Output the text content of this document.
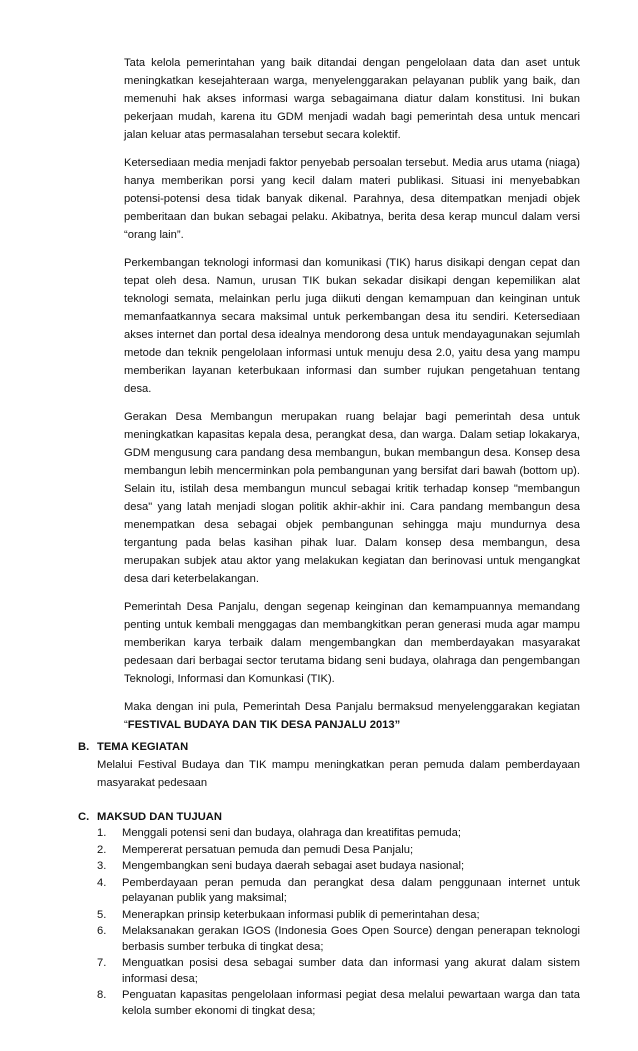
Tata kelola pemerintahan yang baik ditandai dengan pengelolaan data dan aset untuk meningkatkan kesejahteraan warga, menyelenggarakan pelayanan publik yang baik, dan memenuhi hak akses informasi warga sebagaimana diatur dalam konstitusi. Ini bukan pekerjaan mudah, karena itu GDM menjadi wadah bagi pemerintah desa untuk mencari jalan keluar atas permasalahan tersebut secara kolektif.

Ketersediaan media menjadi faktor penyebab persoalan tersebut. Media arus utama (niaga) hanya memberikan porsi yang kecil dalam materi publikasi. Situasi ini menyebabkan potensi-potensi desa tidak banyak dikenal. Parahnya, desa ditempatkan menjadi objek pemberitaan dan bukan sebagai pelaku. Akibatnya, berita desa kerap muncul dalam versi “orang lain”.

Perkembangan teknologi informasi dan komunikasi (TIK) harus disikapi dengan cepat dan tepat oleh desa. Namun, urusan TIK bukan sekadar disikapi dengan kepemilikan alat teknologi semata, melainkan perlu juga diikuti dengan kemampuan dan keinginan untuk memanfaatkannya secara maksimal untuk perkembangan desa itu sendiri. Ketersediaan akses internet dan portal desa idealnya mendorong desa untuk mendayagunakan sejumlah metode dan teknik pengelolaan informasi untuk menuju desa 2.0, yaitu desa yang mampu memberikan layanan keterbukaan informasi dan sumber rujukan pengetahuan tentang desa.

Gerakan Desa Membangun merupakan ruang belajar bagi pemerintah desa untuk meningkatkan kapasitas kepala desa, perangkat desa, dan warga. Dalam setiap lokakarya, GDM mengusung cara pandang desa membangun, bukan membangun desa. Konsep desa membangun lebih mencerminkan pola pembangunan yang bersifat dari bawah (bottom up). Selain itu, istilah desa membangun muncul sebagai kritik terhadap konsep "membangun desa" yang latah menjadi slogan politik akhir-akhir ini. Cara pandang membangun desa menempatkan desa sebagai objek pembangunan sehingga maju mundurnya desa tergantung pada belas kasihan pihak luar. Dalam konsep desa membangun, desa merupakan subjek atau aktor yang melakukan kegiatan dan berinovasi untuk mengangkat desa dari keterbelakangan.

Pemerintah Desa Panjalu, dengan segenap keinginan dan kemampuannya memandang penting untuk kembali menggagas dan membangkitkan peran generasi muda agar mampu memberikan karya terbaik dalam mengembangkan dan memberdayakan masyarakat pedesaan dari berbagai sector terutama bidang seni budaya, olahraga dan pengembangan Teknologi, Informasi dan Komunkasi (TIK).

Maka dengan ini pula, Pemerintah Desa Panjalu bermaksud menyelenggarakan kegiatan “FESTIVAL BUDAYA DAN TIK DESA PANJALU 2013”

B. TEMA KEGIATAN
Melalui Festival Budaya dan TIK mampu meningkatkan peran pemuda dalam pemberdayaan masyarakat pedesaan
C. MAKSUD DAN TUJUAN
1.	Menggali potensi seni dan budaya, olahraga dan kreatifitas pemuda;
2.	Mempererat persatuan pemuda dan pemudi Desa Panjalu;
3.	Mengembangkan seni budaya daerah sebagai aset budaya nasional;
4.	Pemberdayaan peran pemuda dan perangkat desa dalam penggunaan internet untuk pelayanan publik yang maksimal;
5.	Menerapkan prinsip keterbukaan informasi publik di pemerintahan desa;
6.	Melaksanakan gerakan IGOS (Indonesia Goes Open Source) dengan penerapan teknologi berbasis sumber terbuka di tingkat desa;
7.	Menguatkan posisi desa sebagai sumber data dan informasi yang akurat dalam sistem informasi desa;
8.	Penguatan kapasitas pengelolaan informasi pegiat desa melalui pewartaan warga dan tata kelola sumber ekonomi di tingkat desa;
